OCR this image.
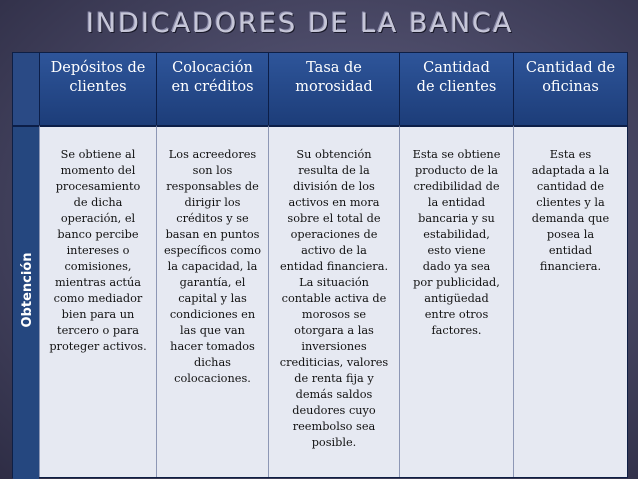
INDICADORES DE LA BANCA

Depósitos de

clientes

Colocación

en créditos

Tasa de

morosidad

Cantidad

de clientes

Cantidad de

oficinas

Obtención

Se obtiene al

momento del

procesamiento

de dicha

operación, el

banco percibe

intereses o

comisiones,

mientras actúa

como mediador

bien para un

tercero o para

proteger activos.

Los acreedores

son los

responsables de

dirigir los

créditos y se

basan en puntos

específicos como

la capacidad, la

garantía, el

capital y las

condiciones en

las que van

hacer tomados

dichas

colocaciones.

Su obtención

resulta de la

división de los

activos en mora

sobre el total de

operaciones de

activo de la

entidad financiera.

La situación

contable activa de

morosos se

otorgara a las

inversiones

crediticias, valores

de renta fija y

demás saldos

deudores cuyo

reembolso sea

posible.

Esta se obtiene

producto de la

credibilidad de

la entidad

bancaria y su

estabilidad,

esto viene

dado ya sea

por publicidad,

antigüedad

entre otros

factores.

Esta es

adaptada a la

cantidad de

clientes y la

demanda que

posea la

entidad

financiera.
